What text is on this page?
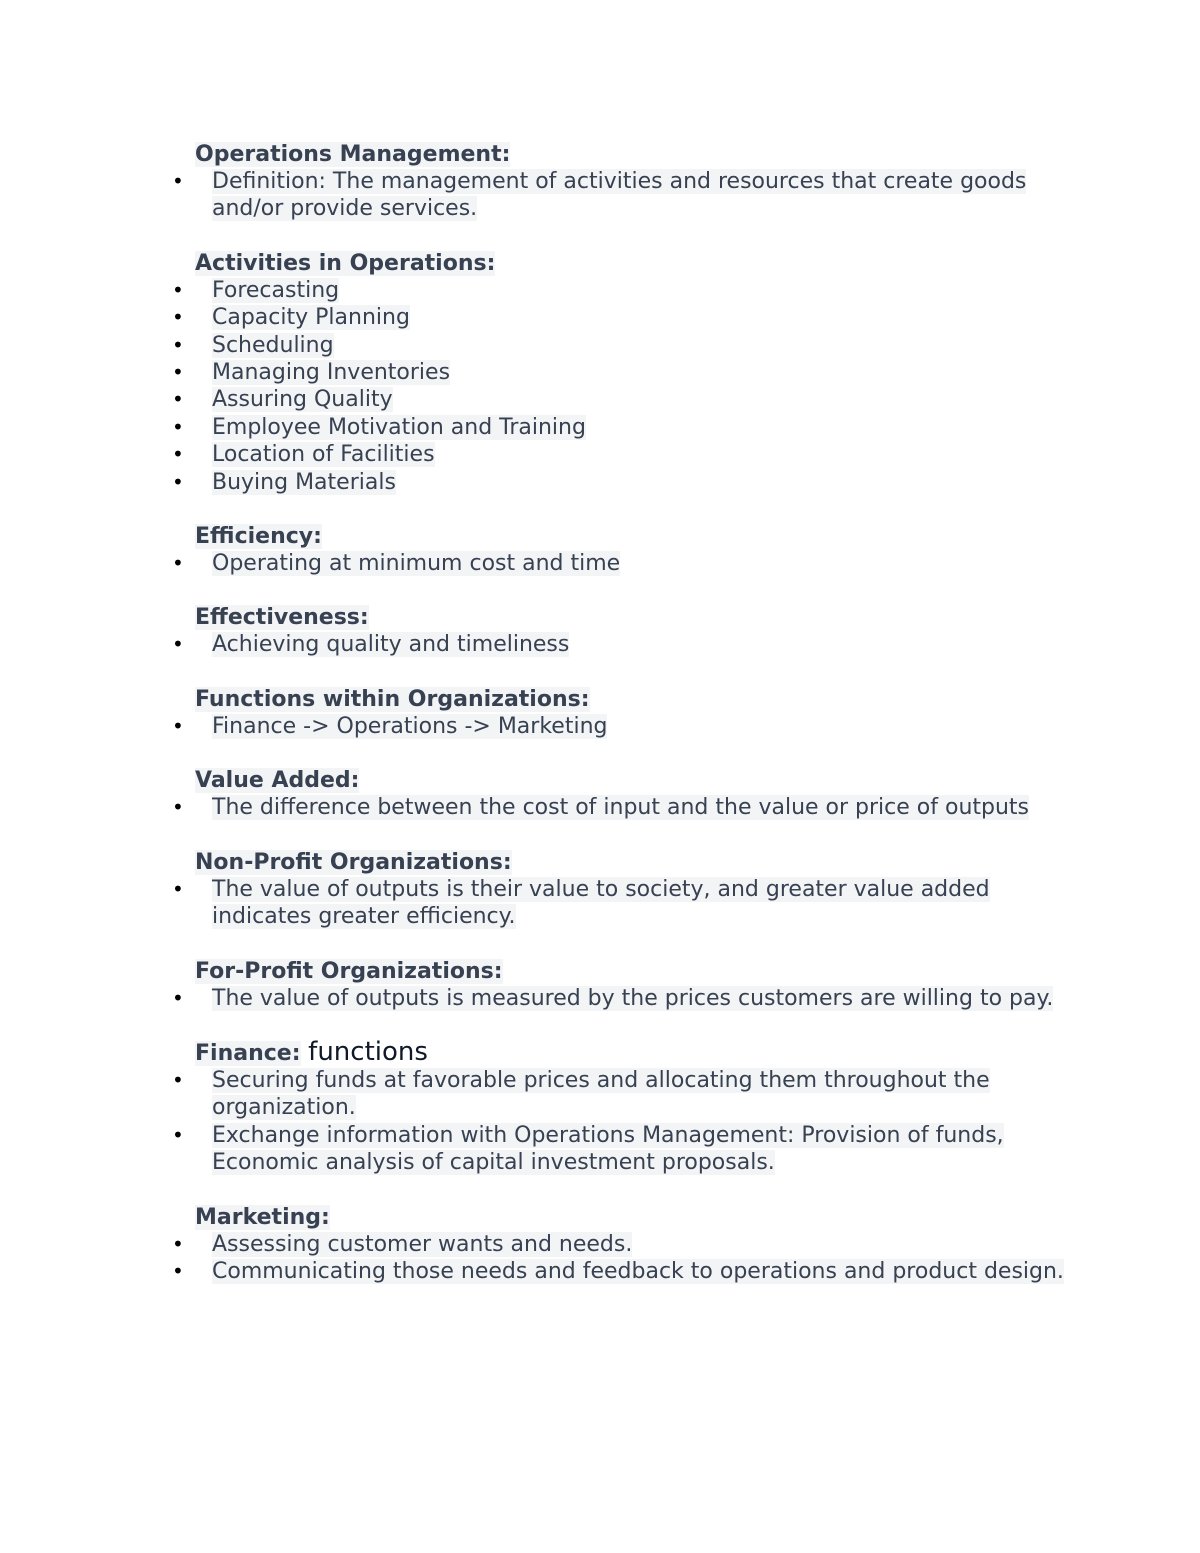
Operations Management:
•	Definition: The management of activities and resources that create goods and/or provide services.
Activities in Operations:
•	Forecasting
•	Capacity Planning
•	Scheduling
•	Managing Inventories
•	Assuring Quality
•	Employee Motivation and Training
•	Location of Facilities
•	Buying Materials
Efficiency:
•	Operating at minimum cost and time
Effectiveness:
•	Achieving quality and timeliness
Functions within Organizations:
•	Finance -> Operations -> Marketing
Value Added:
•	The difference between the cost of input and the value or price of outputs
Non-Profit Organizations:
•	The value of outputs is their value to society, and greater value added indicates greater efficiency.
For-Profit Organizations:
•	The value of outputs is measured by the prices customers are willing to pay.
Finance: functions
•	Securing funds at favorable prices and allocating them throughout the organization.
•	Exchange information with Operations Management: Provision of funds, Economic analysis of capital investment proposals.
Marketing:
•	Assessing customer wants and needs.
•	Communicating those needs and feedback to operations and product design.
